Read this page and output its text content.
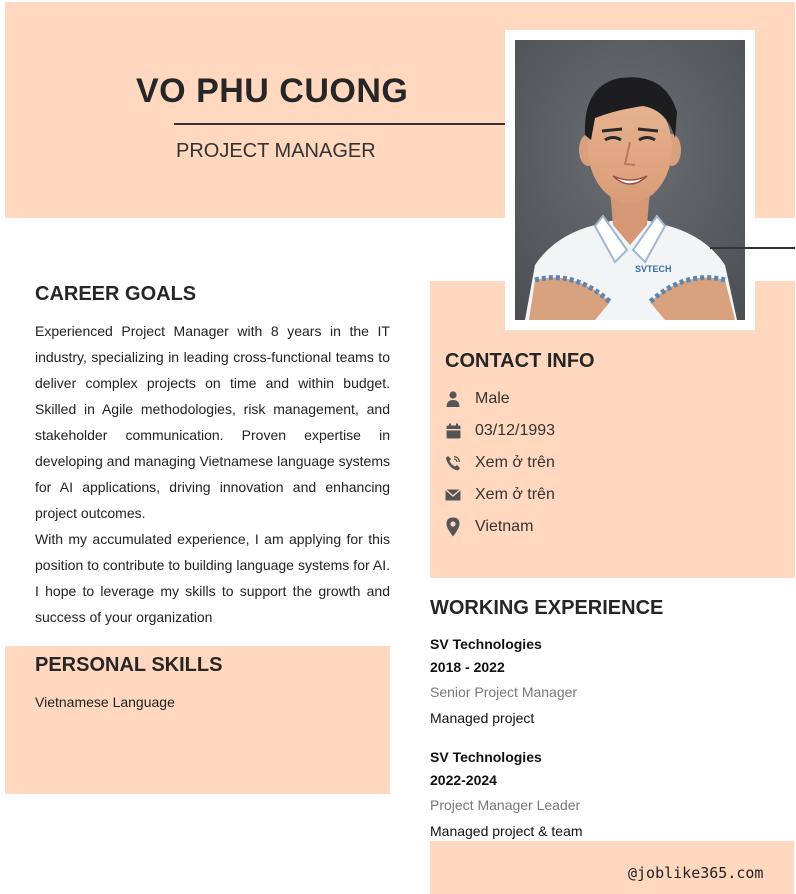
VO PHU CUONG
PROJECT MANAGER
SVTECH
CAREER GOALS

Experienced Project Manager with 8 years in the IT industry, specializing in leading cross-functional teams to deliver complex projects on time and within budget. Skilled in Agile methodologies, risk management, and stakeholder communication. Proven expertise in developing and managing Vietnamese language systems for AI applications, driving innovation and enhancing project outcomes.

With my accumulated experience, I am applying for this position to contribute to building language systems for AI. I hope to leverage my skills to support the growth and success of your organization

PERSONAL SKILLS
Vietnamese Language
CONTACT INFO
Male
03/12/1993
Xem ở trên
Xem ở trên
Vietnam
WORKING EXPERIENCE
SV Technologies
2018 - 2022
Senior Project Manager
Managed project
SV Technologies
2022-2024
Project Manager Leader
Managed project & team
@joblike365.com
